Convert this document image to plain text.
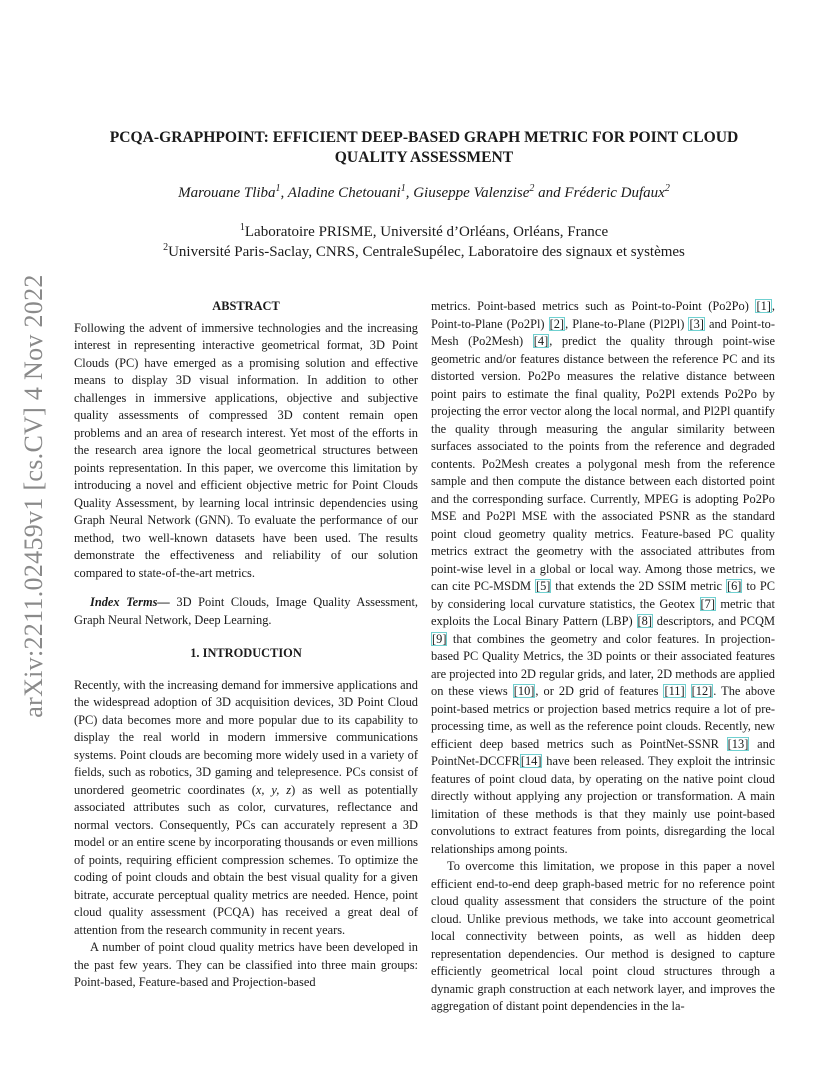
arXiv:2211.02459v1 [cs.CV] 4 Nov 2022
PCQA-GRAPHPOINT: EFFICIENT DEEP-BASED GRAPH METRIC FOR POINT CLOUD QUALITY ASSESSMENT
Marouane Tliba$^1$, Aladine Chetouani$^1$, Giuseppe Valenzise$^2$ and Fréderic Dufaux$^2$
$^1$Laboratoire PRISME, Université d’Orléans, Orléans, France
$^2$Université Paris-Saclay, CNRS, CentraleSupélec, Laboratoire des signaux et systèmes
ABSTRACT

Following the advent of immersive technologies and the increasing interest in representing interactive geometrical format, 3D Point Clouds (PC) have emerged as a promising solution and effective means to display 3D visual information. In addition to other challenges in immersive applications, objective and subjective quality assessments of compressed 3D content remain open problems and an area of research interest. Yet most of the efforts in the research area ignore the local geometrical structures between points representation. In this paper, we overcome this limitation by introducing a novel and efficient objective metric for Point Clouds Quality Assessment, by learning local intrinsic dependencies using Graph Neural Network (GNN). To evaluate the performance of our method, two well-known datasets have been used. The results demonstrate the effectiveness and reliability of our solution compared to state-of-the-art metrics.

Index Terms— 3D Point Clouds, Image Quality Assessment, Graph Neural Network, Deep Learning.

1. INTRODUCTION

Recently, with the increasing demand for immersive applications and the widespread adoption of 3D acquisition devices, 3D Point Cloud (PC) data becomes more and more popular due to its capability to display the real world in modern immersive communications systems. Point clouds are becoming more widely used in a variety of fields, such as robotics, 3D gaming and telepresence. PCs consist of unordered geometric coordinates (x, y, z) as well as potentially associated attributes such as color, curvatures, reflectance and normal vectors. Consequently, PCs can accurately represent a 3D model or an entire scene by incorporating thousands or even millions of points, requiring efficient compression schemes. To optimize the coding of point clouds and obtain the best visual quality for a given bitrate, accurate perceptual quality metrics are needed. Hence, point cloud quality assessment (PCQA) has received a great deal of attention from the research community in recent years.

A number of point cloud quality metrics have been developed in the past few years. They can be classified into three main groups: Point-based, Feature-based and Projection-based

metrics. Point-based metrics such as Point-to-Point (Po2Po) [1], Point-to-Plane (Po2Pl) [2], Plane-to-Plane (Pl2Pl) [3] and Point-to-Mesh (Po2Mesh) [4], predict the quality through point-wise geometric and/or features distance between the reference PC and its distorted version. Po2Po measures the relative distance between point pairs to estimate the final quality, Po2Pl extends Po2Po by projecting the error vector along the local normal, and Pl2Pl quantify the quality through measuring the angular similarity between surfaces associated to the points from the reference and degraded contents. Po2Mesh creates a polygonal mesh from the reference sample and then compute the distance between each distorted point and the corresponding surface. Currently, MPEG is adopting Po2Po MSE and Po2Pl MSE with the associated PSNR as the standard point cloud geometry quality metrics. Feature-based PC quality metrics extract the geometry with the associated attributes from point-wise level in a global or local way. Among those metrics, we can cite PC-MSDM [5] that extends the 2D SSIM metric [6] to PC by considering local curvature statistics, the Geotex [7] metric that exploits the Local Binary Pattern (LBP) [8] descriptors, and PCQM [9] that combines the geometry and color features. In projection-based PC Quality Metrics, the 3D points or their associated features are projected into 2D regular grids, and later, 2D methods are applied on these views [10], or 2D grid of features [11] [12]. The above point-based metrics or projection based metrics require a lot of pre-processing time, as well as the reference point clouds. Recently, new efficient deep based metrics such as PointNet-SSNR [13] and PointNet-DCCFR[14] have been released. They exploit the intrinsic features of point cloud data, by operating on the native point cloud directly without applying any projection or transformation. A main limitation of these methods is that they mainly use point-based convolutions to extract features from points, disregarding the local relationships among points.

To overcome this limitation, we propose in this paper a novel efficient end-to-end deep graph-based metric for no reference point cloud quality assessment that considers the structure of the point cloud. Unlike previous methods, we take into account geometrical local connectivity between points, as well as hidden deep representation dependencies. Our method is designed to capture efficiently geometrical local point cloud structures through a dynamic graph construction at each network layer, and improves the aggregation of distant point dependencies in the la-
